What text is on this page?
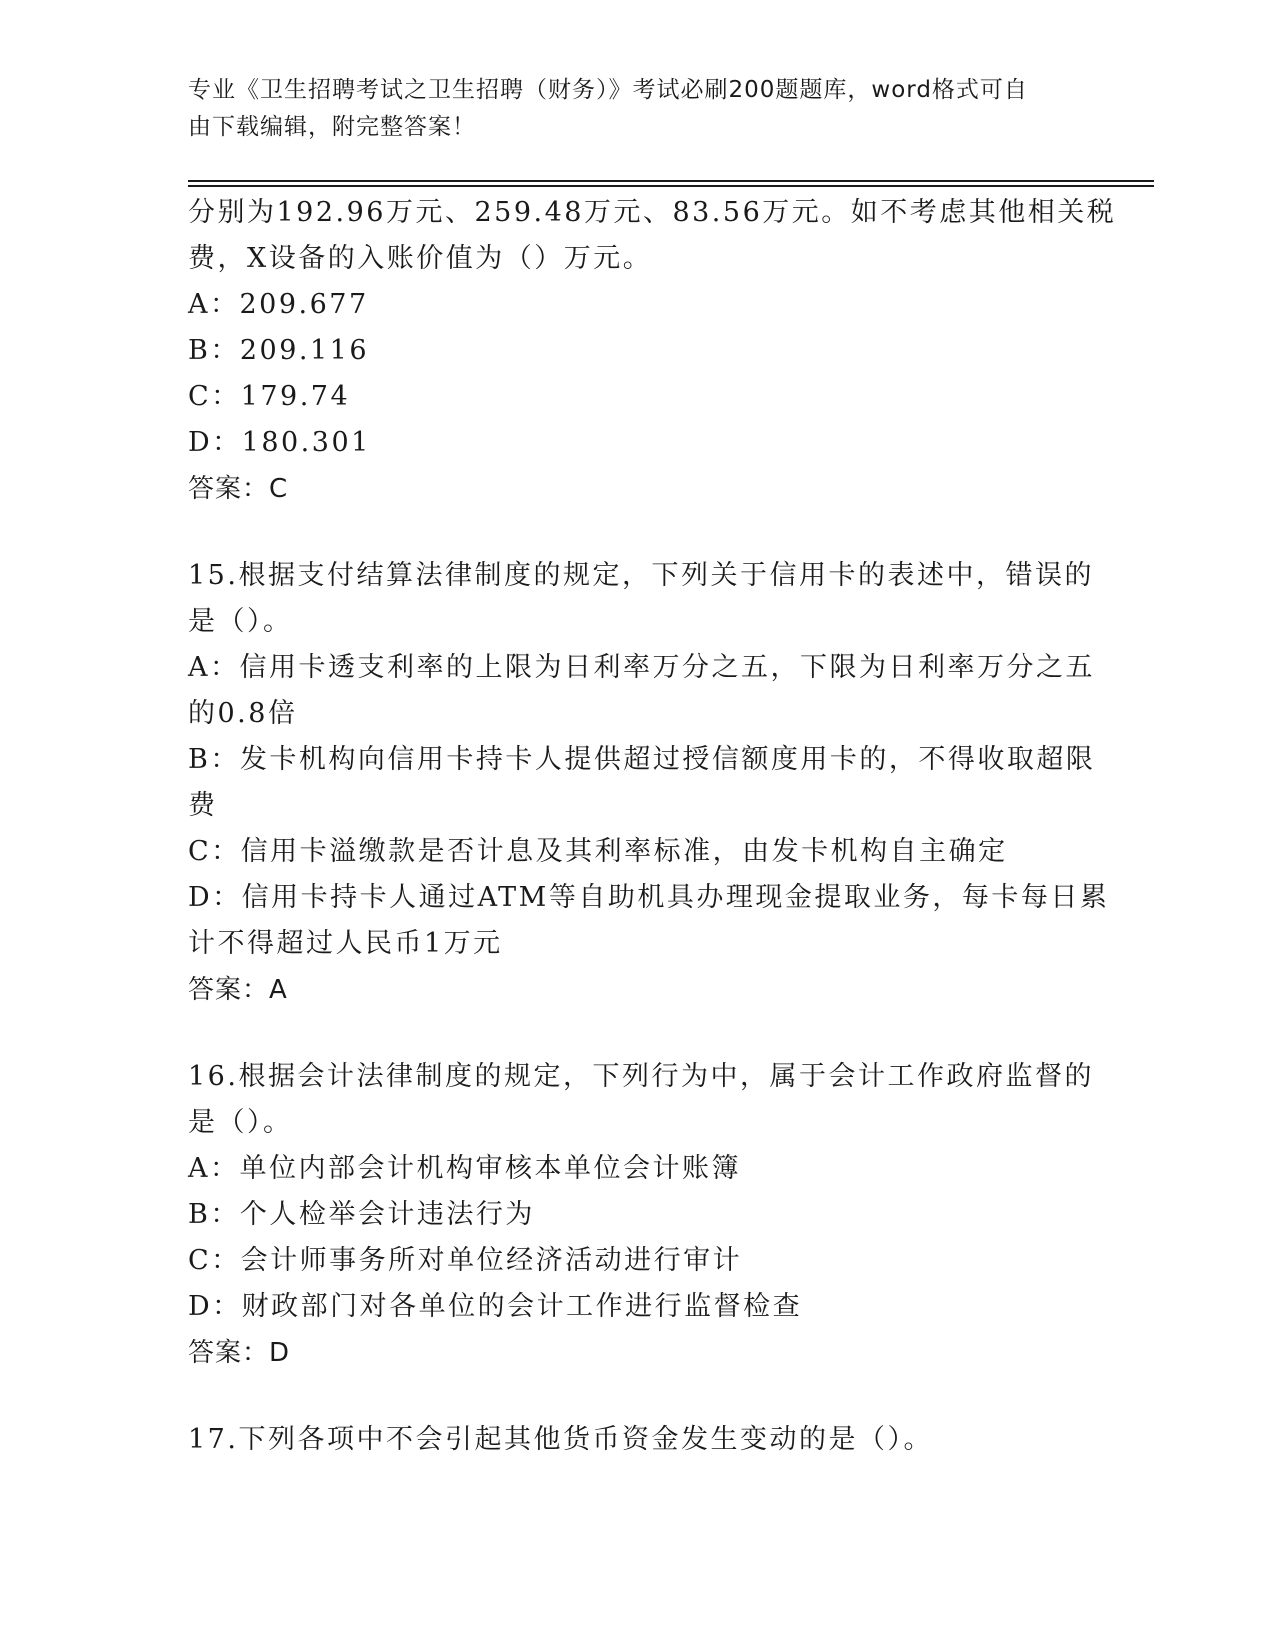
专业《卫生招聘考试之卫生招聘（财务）》考试必刷200题题库，word格式可自
由下载编辑，附完整答案！
分别为192.96万元、259.48万元、83.56万元。如不考虑其他相关税
费，X设备的入账价值为（）万元。
A：209.677
B：209.116
C：179.74
D：180.301
答案：C
15.根据支付结算法律制度的规定，下列关于信用卡的表述中，错误的
是（）。
A：信用卡透支利率的上限为日利率万分之五，下限为日利率万分之五
的0.8倍
B：发卡机构向信用卡持卡人提供超过授信额度用卡的，不得收取超限
费
C：信用卡溢缴款是否计息及其利率标准，由发卡机构自主确定
D：信用卡持卡人通过ATM等自助机具办理现金提取业务，每卡每日累
计不得超过人民币1万元
答案：A
16.根据会计法律制度的规定，下列行为中，属于会计工作政府监督的
是（）。
A：单位内部会计机构审核本单位会计账簿
B：个人检举会计违法行为
C：会计师事务所对单位经济活动进行审计
D：财政部门对各单位的会计工作进行监督检查
答案：D
17.下列各项中不会引起其他货币资金发生变动的是（）。
